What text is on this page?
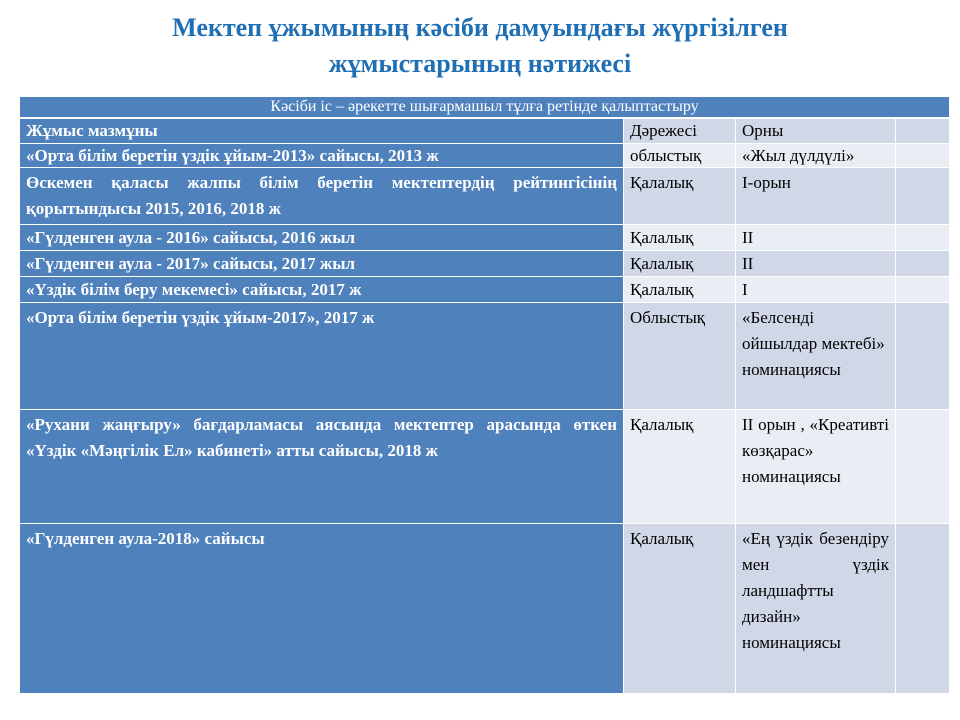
Мектеп ұжымының кәсіби дамуындағы жүргізілген
жұмыстарының нәтижесі
Кәсіби іс – әрекетте шығармашыл тұлға ретінде қалыптастыру			
Жұмыс мазмұны	Дәрежесі	Орны	
«Орта білім беретін үздік ұйым-2013» сайысы, 2013 ж	облыстық	«Жыл дүлдүлі»	
Өскемен қаласы жалпы білім беретін мектептердің рейтингісінің қорытындысы 2015, 2016, 2018 ж	Қалалық	І-орын	
«Гүлденген аула - 2016» сайысы, 2016 жыл	Қалалық	ІІ	
«Гүлденген аула - 2017» сайысы, 2017 жыл	Қалалық	ІІ	
«Үздік білім беру мекемесі» сайысы, 2017 ж	Қалалық	І	
«Орта білім беретін үздік ұйым-2017», 2017 ж	Облыстық	«Белсенді ойшылдар мектебі» номинациясы	
«Рухани жаңғыру» бағдарламасы аясында мектептер арасында өткен «Үздік «Мәңгілік Ел» кабинеті» атты сайысы, 2018 ж	Қалалық	ІІ орын , «Креативті көзқарас» номинациясы	
«Гүлденген аула-2018» сайысы	Қалалық	«Ең үздік безендіру мен үздік ландшафтты дизайн» номинациясы	
